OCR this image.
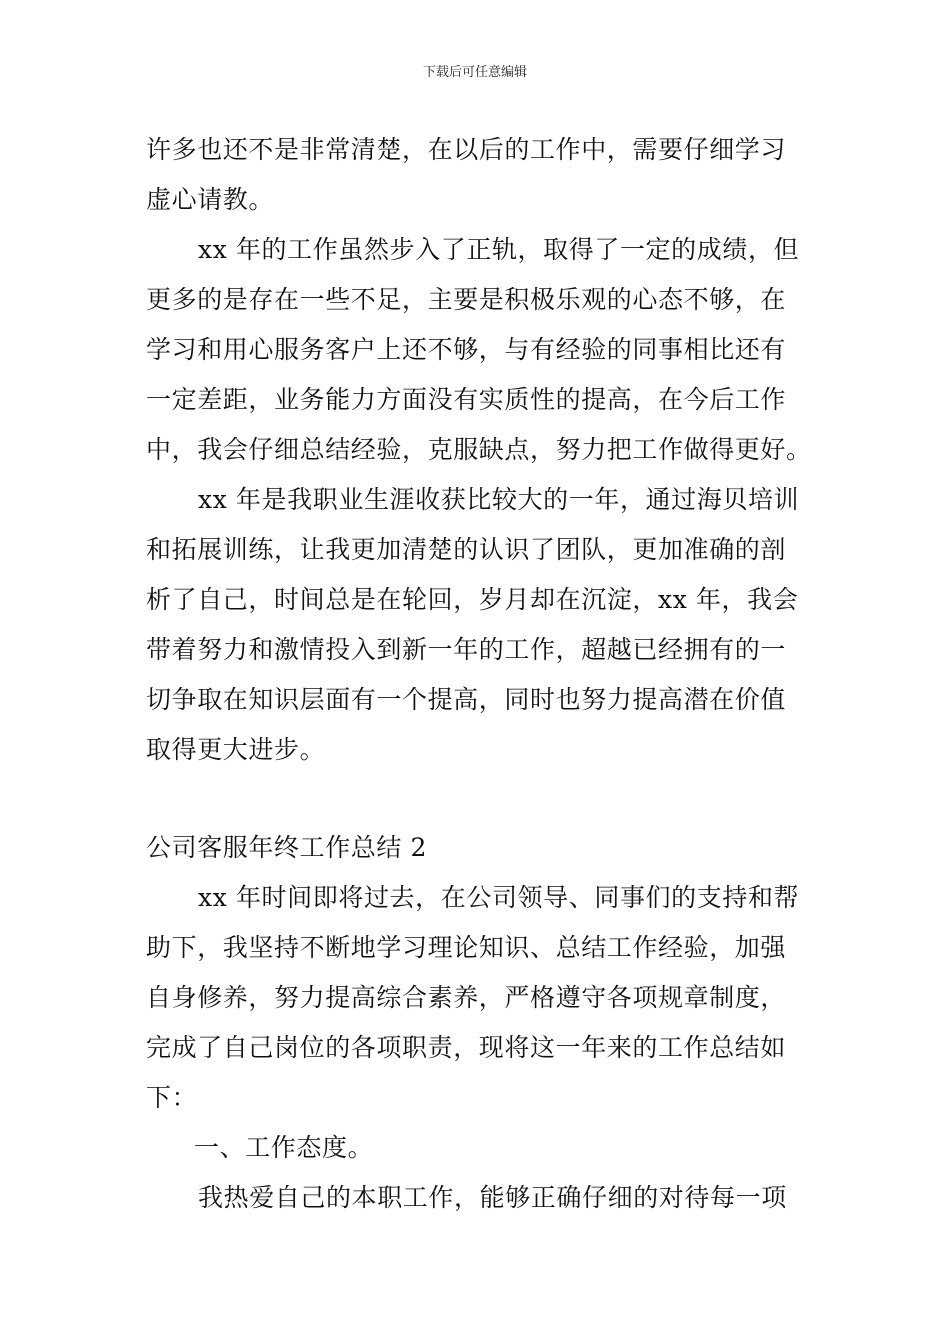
下载后可任意编辑
许多也还不是非常清楚，在以后的工作中，需要仔细学习
虚心请教。
xx 年的工作虽然步入了正轨，取得了一定的成绩，但
更多的是存在一些不足，主要是积极乐观的心态不够，在
学习和用心服务客户上还不够，与有经验的同事相比还有
一定差距，业务能力方面没有实质性的提高，在今后工作
中，我会仔细总结经验，克服缺点，努力把工作做得更好。
xx 年是我职业生涯收获比较大的一年，通过海贝培训
和拓展训练，让我更加清楚的认识了团队，更加准确的剖
析了自己，时间总是在轮回，岁月却在沉淀，xx 年，我会
带着努力和激情投入到新一年的工作，超越已经拥有的一
切争取在知识层面有一个提高，同时也努力提高潜在价值
取得更大进步。
公司客服年终工作总结 2
xx 年时间即将过去，在公司领导、同事们的支持和帮
助下，我坚持不断地学习理论知识、总结工作经验，加强
自身修养，努力提高综合素养，严格遵守各项规章制度，
完成了自己岗位的各项职责，现将这一年来的工作总结如
下：
一、工作态度。
我热爱自己的本职工作，能够正确仔细的对待每一项
